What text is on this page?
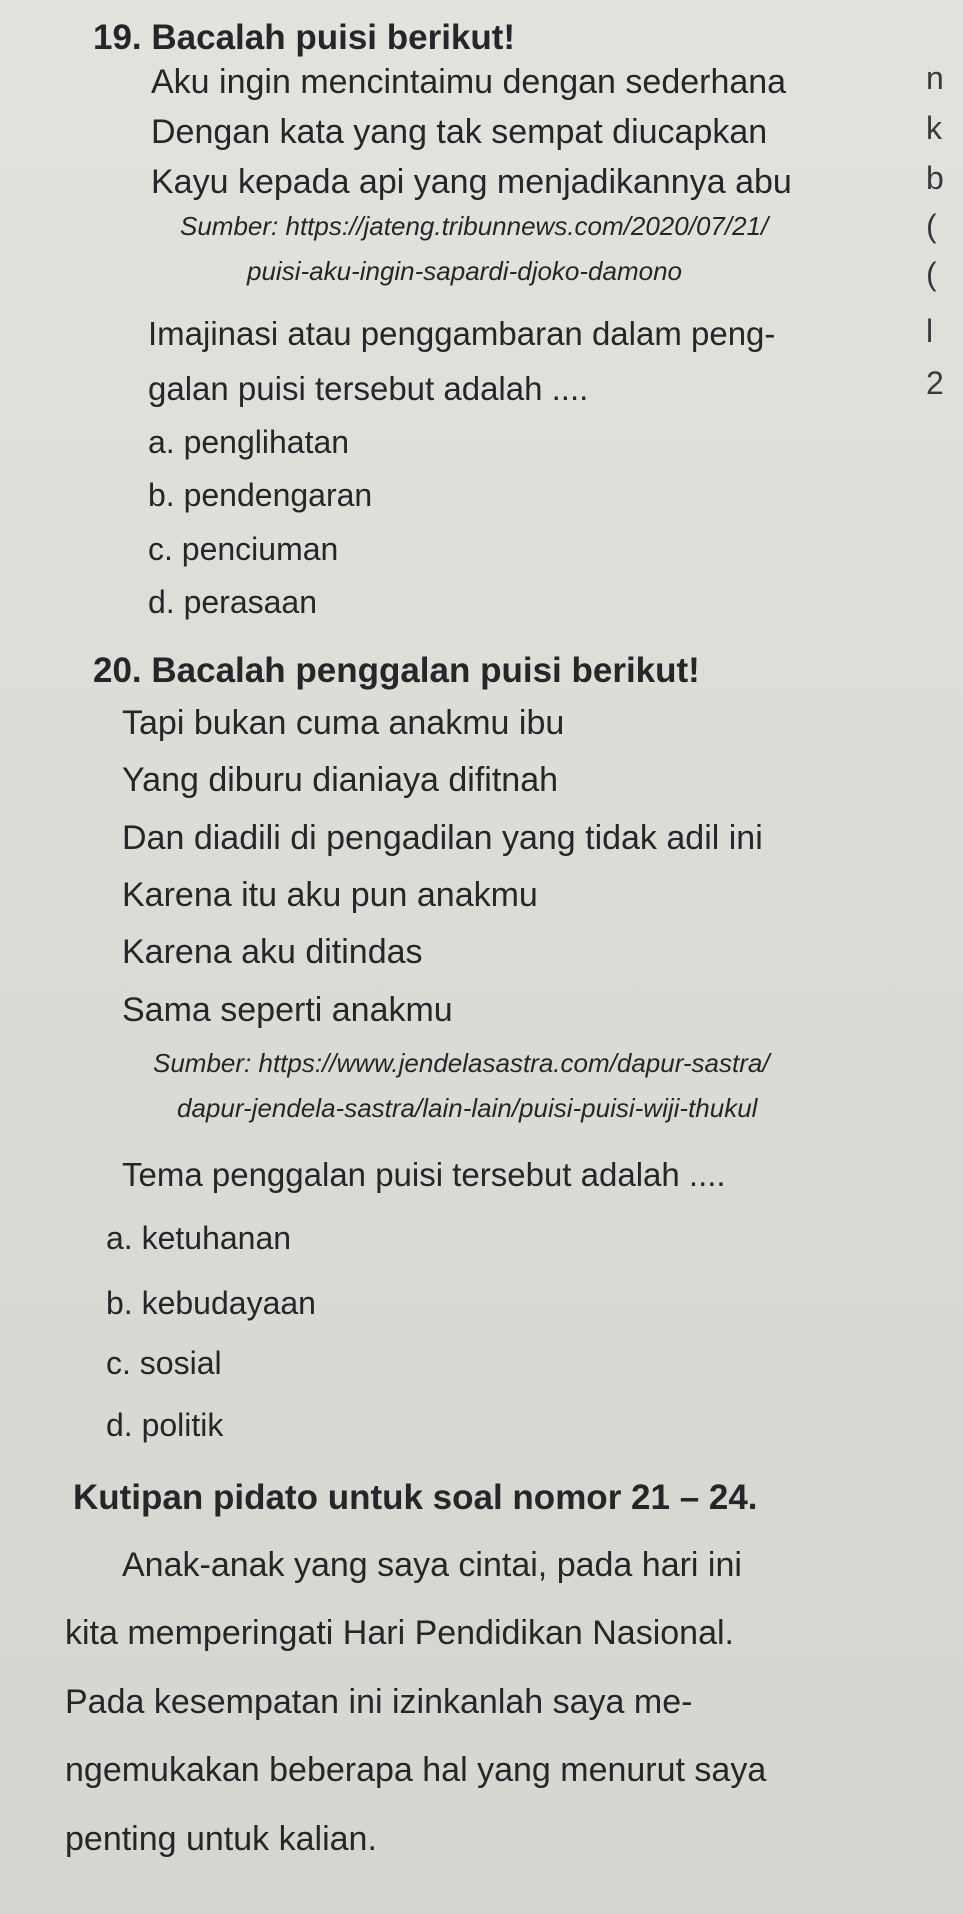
19. Bacalah puisi berikut!

Aku ingin mencintaimu dengan sederhana

Dengan kata yang tak sempat diucapkan

Kayu kepada api yang menjadikannya abu

Sumber: https://jateng.tribunnews.com/2020/07/21/

puisi-aku-ingin-sapardi-djoko-damono

Imajinasi atau penggambaran dalam peng-

galan puisi tersebut adalah ....

a. penglihatan

b. pendengaran

c. penciuman

d. perasaan

20. Bacalah penggalan puisi berikut!

Tapi bukan cuma anakmu ibu

Yang diburu dianiaya difitnah

Dan diadili di pengadilan yang tidak adil ini

Karena itu aku pun anakmu

Karena aku ditindas

Sama seperti anakmu

Sumber: https://www.jendelasastra.com/dapur-sastra/

dapur-jendela-sastra/lain-lain/puisi-puisi-wiji-thukul

Tema penggalan puisi tersebut adalah ....

a. ketuhanan

b. kebudayaan

c. sosial

d. politik

Kutipan pidato untuk soal nomor 21 – 24.

Anak-anak yang saya cintai, pada hari ini

kita memperingati Hari Pendidikan Nasional.

Pada kesempatan ini izinkanlah saya me-

ngemukakan beberapa hal yang menurut saya

penting untuk kalian.

n
k
b
(
(
l
2
